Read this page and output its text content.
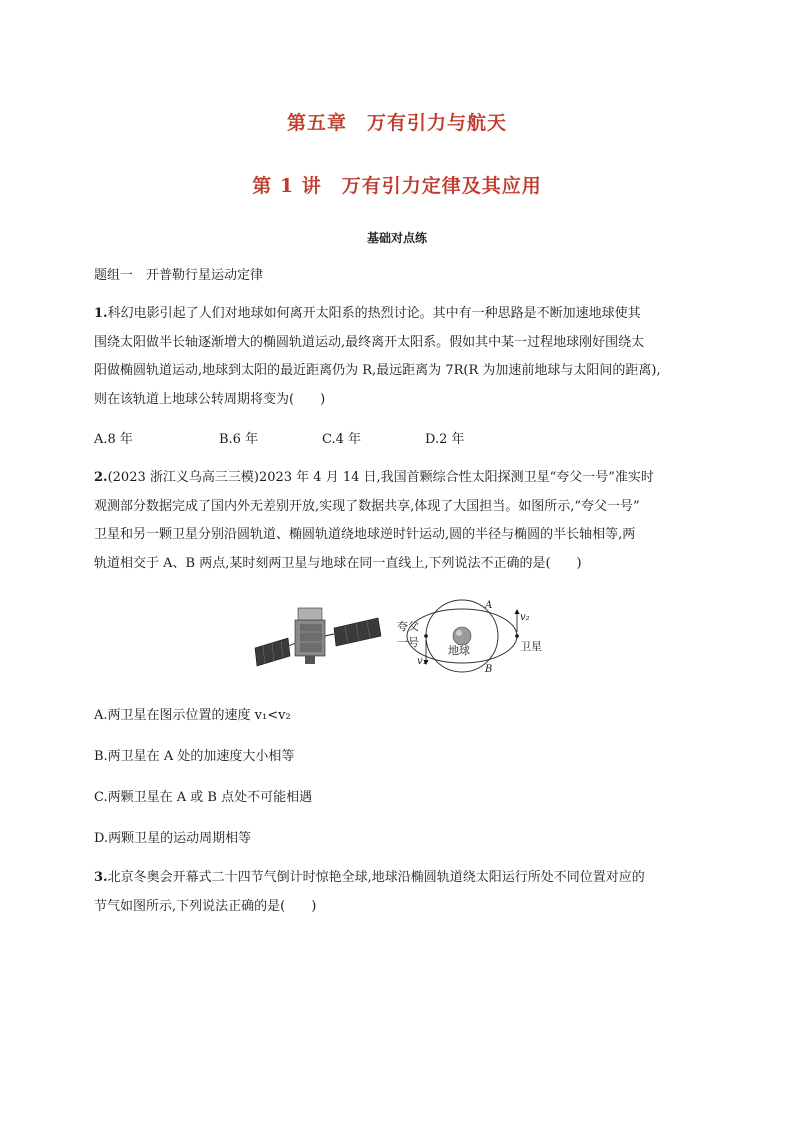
第五章　万有引力与航天
第 1 讲　万有引力定律及其应用
基础对点练
题组一　开普勒行星运动定律
1.科幻电影引起了人们对地球如何离开太阳系的热烈讨论。其中有一种思路是不断加速地球使其
围绕太阳做半长轴逐渐增大的椭圆轨道运动,最终离开太阳系。假如其中某一过程地球刚好围绕太
阳做椭圆轨道运动,地球到太阳的最近距离仍为 R,最远距离为 7R(R 为加速前地球与太阳间的距离),
则在该轨道上地球公转周期将变为(　　)
A.8 年	B.6 年	C.4 年	D.2 年
2.(2023 浙江义乌高三三模)2023 年 4 月 14 日,我国首颗综合性太阳探测卫星“夸父一号”准实时
观测部分数据完成了国内外无差别开放,实现了数据共享,体现了大国担当。如图所示,“夸父一号”
卫星和另一颗卫星分别沿圆轨道、椭圆轨道绕地球逆时针运动,圆的半径与椭圆的半长轴相等,两
轨道相交于 A、B 两点,某时刻两卫星与地球在同一直线上,下列说法不正确的是(　　)
夸父
一号
v₁
A
B
v₂
地球	卫星
A.两卫星在图示位置的速度 v₁<v₂
B.两卫星在 A 处的加速度大小相等
C.两颗卫星在 A 或 B 点处不可能相遇
D.两颗卫星的运动周期相等
3.北京冬奥会开幕式二十四节气倒计时惊艳全球,地球沿椭圆轨道绕太阳运行所处不同位置对应的
节气如图所示,下列说法正确的是(　　)
